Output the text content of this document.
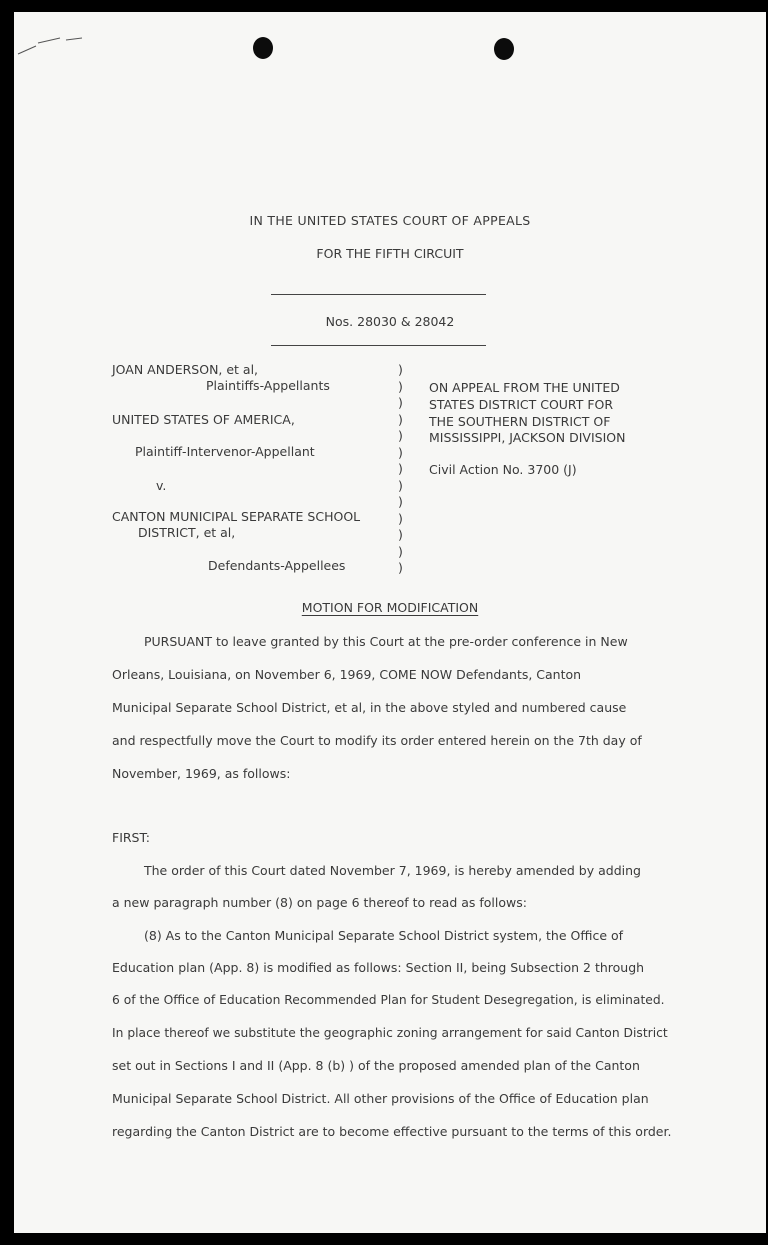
IN THE UNITED STATES COURT OF APPEALS
FOR THE FIFTH CIRCUIT
Nos. 28030 & 28042
JOAN ANDERSON, et al,
Plaintiffs-Appellants
UNITED STATES OF AMERICA,
Plaintiff-Intervenor-Appellant
v.
CANTON MUNICIPAL SEPARATE SCHOOL
DISTRICT, et al,
Defendants-Appellees
)
)
)
)
)
)
)
)
)
)
)
)
)
ON APPEAL FROM THE UNITED
STATES DISTRICT COURT FOR
THE SOUTHERN DISTRICT OF
MISSISSIPPI, JACKSON DIVISION
Civil Action No. 3700 (J)
MOTION FOR MODIFICATION
PURSUANT to leave granted by this Court at the pre-order conference in New
Orleans, Louisiana, on November 6, 1969, COME NOW Defendants, Canton
Municipal Separate School District, et al, in the above styled and numbered cause
and respectfully move the Court to modify its order entered herein on the 7th day of
November, 1969, as follows:
FIRST:
The order of this Court dated November 7, 1969, is hereby amended by adding
a new paragraph number (8) on page 6 thereof to read as follows:
(8) As to the Canton Municipal Separate School District system, the Office of
Education plan (App. 8) is modified as follows: Section II, being Subsection 2 through
6 of the Office of Education Recommended Plan for Student Desegregation, is eliminated.
In place thereof we substitute the geographic zoning arrangement for said Canton District
set out in Sections I and II (App. 8 (b) ) of the proposed amended plan of the Canton
Municipal Separate School District. All other provisions of the Office of Education plan
regarding the Canton District are to become effective pursuant to the terms of this order.
